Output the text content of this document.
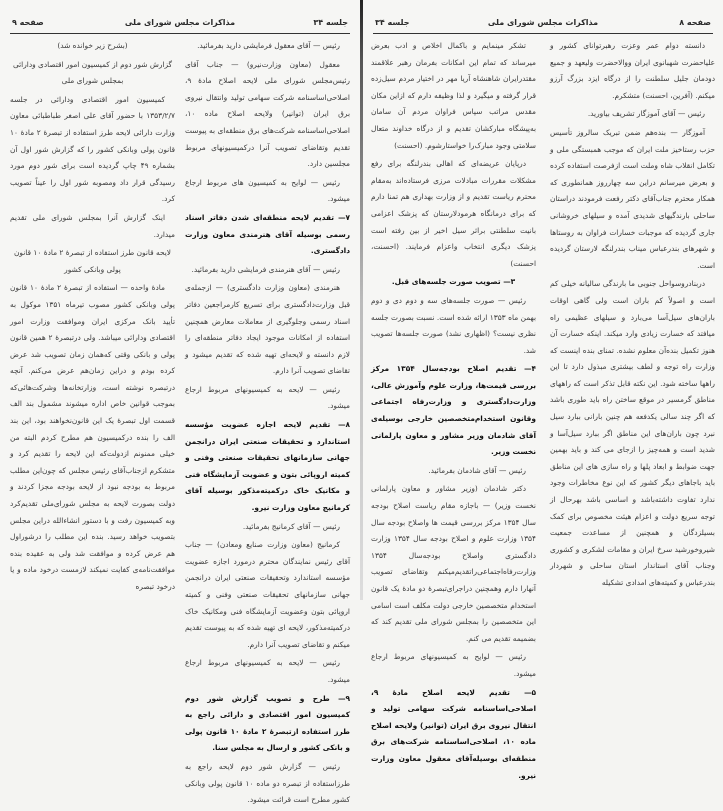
جلسه ۳۴
مذاکرات مجلس شورای ملی
صفحه ۹

رئیس — آقای معقول فرمایشی دارید بفرمائید.

معقول (معاون وزارت‌نیرو) — جناب آقای رئیس‌مجلس شورای ملی لایحه اصلاح مادهٔ ۹، اصلاحی‌اساسنامه شرکت سهامی تولید وانتقال نیروی برق ایران (توانیر) ولایحه اصلاح ماده ۱۰، اصلاحی‌اساسنامه شرکت‌های برق منطقه‌ای به پیوست تقدیم وتقاضای تصویب آنرا درکمیسیونهای مربوط مجلسین دارد.

رئیس — لوایح به کمیسیون های مربوط ارجاع میشود.

۷— تقدیم لایحه منطقه‌ای شدن دفاتر اسناد رسمی بوسیله آقای هنرمندی معاون وزارت دادگستری.

رئیس — آقای هنرمندی فرمایشی دارید بفرمائید.

هنرمندی (معاون وزارت دادگستری) — ازجمله‌ی قبل وزارت‌دادگستری برای تسریع کارمراجعین دفاتر اسناد رسمی وجلوگیری از معاملات معارض همچنین استفاده از امکانات موجود ایجاد دفاتر منطقه‌ای را لازم دانسته و لایحه‌ای تهیه شده که تقدیم میشود و تقاضای تصویب آنرا دارم.

رئیس — لایحه به کمیسیونهای مربوط ارجاع میشود.

۸— تقدیم لایحه اجازه عضویت مؤسسه استاندارد و تحقیقات صنعتی ایران درانجمن جهانی سازمانهای تحقیقات صنعتی وفنی و کمیته اروپائی بتون و عضویت آزمایشگاه فنی و مکانیک خاک درکمیته‌مذکور بوسیله آقای کرمانیج معاون وزارت نیرو.

رئیس — آقای کرمانیج بفرمائید.

کرمانیج (معاون وزارت صنایع ومعادن) — جناب آقای رئیس نمایندگان محترم درمورد اجازه عضویت مؤسسه استاندارد وتحقیقات صنعتی ایران درانجمن جهانی سازمانهای تحقیقات صنعتی وفنی و کمیته اروپائی بتون وعضویت آزمایشگاه فنی ومکانیک خاک درکمیته‌مذکور، لایحه ای تهیه شده که به پیوست تقدیم میکنم و تقاضای تصویب آنرا دارم.

رئیس — لایحه به کمیسیونهای مربوط ارجاع میشود.

۹— طرح و تصویب گزارش شور دوم کمیسیون امور اقتصادی و دارائی راجع به طرز استفاده ازتبصرهٔ ۲ مادهٔ ۱۰ قانون پولی و بانکی کشور و ارسال به مجلس سنا.

رئیس — گزارش شور دوم لایحه راجع به طرزاستفاده از تبصره دو ماده ۱۰ قانون پولی وبانکی کشور مطرح است قرائت میشود.

(بشرح زیر خوانده شد)

گزارش شور دوم از کمیسیون امور اقتصادی ودارائی بمجلس شورای ملی

کمیسیون امور اقتصادی ودارائی در جلسه ۱۳۵۳/۲/۷ با حضور آقای علی اصغر طباطبائی معاون وزارت دارائی لایحه طرز استفاده از تبصرهٔ ۲ مادهٔ ۱۰ قانون پولی وبانکی کشور را که گزارش شور اول آن بشماره ۴۹ چاپ گردیده است برای شور دوم مورد رسیدگی قرار داد ومصوبه شور اول را عیناً تصویب کرد.

اینک گزارش آنرا بمجلس شورای ملی تقدیم میدارد.

لایحه قانون طرز استفاده از تبصرهٔ ۲ مادهٔ ۱۰ قانون پولی وبانکی کشور

مادهٔ واحده — استفاده از تبصرهٔ ۲ مادهٔ ۱۰ قانون پولی وبانکی کشور مصوب تیرماه ۱۳۵۱ موکول به تأیید بانک مرکزی ایران وموافقت وزارت امور اقتصادی ودارائی میباشد. ولی درتبصرهٔ ۲ همین قانون پولی و بانکی وقتی که‌همان زمان تصویب شد عرض کرده بودم و دراین زمان‌هم عرض می‌کنم. آنچه درتبصره نوشته است، وزارتخانه‌ها وشرکت‌هائی‌که بموجب قوانین خاص اداره میشوند مشمول بند الف قسمت اول تبصرهٔ یک این قانون‌نخواهند بود، این بند الف را بنده درکمیسیون هم مطرح کردم البته من خیلی ممنونم ازدولت‌که این لایحه را تقدیم کرد و متشکرم ازجناب‌آقای رئیس مجلس که چون‌این مطلب مربوط به بودجه نبود از لایحه بودجه مجزا کردند و دولت بصورت لایحه به مجلس شورای‌ملی تقدیم‌کرد وبه کمیسیون رفت و با دستور انشاءالله دراین مجلس بتصویب خواهد رسید. بنده این مطلب را درشوراول هم عرض کرده و موافقت شد ولی به عقیده بنده موافقت‌نامه‌ی کفایت نمیکند لازمست درخود ماده و یا درخود تبصره

صفحه ۸
مذاکرات مجلس شورای ملی
جلسه ۳۴

دانسته دوام عمر وعزت رهبرتوانای کشور و علیاحضرت شهبانوی ایران ووالاحضرت ولیعهد و جمیع دودمان جلیل سلطنت را از درگاه ایزد بزرگ آرزو میکنم. (آفرین، احسنت) متشکرم.

رئیس — آقای آموزگار تشریف بیاورید.

آموزگار — بنده‌هم ضمن تبریک سالروز تأسیس حزب رستاخیز ملت ایران که موجب همبستگی ملی و تکامل انقلاب شاه وملت است ازفرصت استفاده کرده و بعرض میرسانم دراین سه چهارروز همانطوری که همکار محترم جناب‌آقای دکتر رفعت فرمودند دراستان ساحلی بارندگیهای شدیدی آمده و سیلهای خروشانی جاری گردیده که موجبات خسارات فراوان به روستاها و شهرهای بندرعباس میناب بندرلنگه لارستان گردیده است.

دربنادروسواحل جنوبی ما بارندگی سالیانه خیلی کم است و اصولاً کم باران است ولی گاهی اوقات باران‌های سیل‌آسا می‌بارد و سیلهای عظیمی راه میافتد که خسارت زیادی وارد میکند. اینکه خسارت آن هنوز تکمیل بنده‌آن معلوم نشده. تمنای بنده اینست که وزارت راه توجه و لطف بیشتری مبذول دارد تا این راهها ساخته شود. این نکته قابل تذکر است که راههای مناطق گرمسیر در موقع ساختن راه باید طوری باشد که اگر چند سالی یکدفعه هم چنین بارانی ببارد سیل نبرد چون باران‌های این مناطق اگر ببارد سیل‌آسا و شدید است و همه‌چیز را ازجای می کند و باید بهمین جهت ضوابط و ابعاد پلها و راه سازی های این مناطق باید باجاهای دیگر کشور که این نوع مخاطرات وجود ندارد تفاوت داشته‌باشد و اساسی باشد بهرحال از توجه سریع دولت و اعزام هیئت مخصوص برای کمک بسیلزدگان و همچنین از مساعدت جمعیت شیروخورشید سرخ ایران و مقامات لشکری و کشوری وجناب آقای استاندار استان ساحلی و شهردار بندرعباس و کمیته‌های امدادی تشکیله

تشکر مینمایم و باکمال اخلاص و ادب بعرض میرساند که تمام این امکانات بفرمان رهبر علاقمند مقتدرایران شاهنشاه آریا مهر در اختیار مردم سیل‌زده قرار گرفته و میگیرد و لذا وظیفه دارم که ازاین مکان مقدس مراتب سپاس فراوان مردم آن سامان به‌پیشگاه مبارکشان تقدیم و از درگاه خداوند متعال سلامتی وجود مبارک‌را خواستارشوم. (احسنت)

درپایان عریضه‌ای که اهالی بندرلنگه برای رفع مشکلات مقررات مبادلات مرزی فرستاده‌اند به‌مقام محترم ریاست تقدیم و از وزارت بهداری هم تمنا دارم که برای درمانگاه هرمودلارستان که پزشک اعزامی بانیت سلطنتی براثر سیل اخیر از بین رفته است پزشک دیگری انتخاب واعزام فرمایند. (احسنت، احسنت)

۳— تصویب صورت جلسه‌های قبل.

رئیس — صورت جلسه‌های سه و دوم دی و دوم بهمن ماه ۱۳۵۳ ارائه شده است. نسبت بصورت جلسه نظری نیست؟ (اظهاری نشد) صورت جلسه‌ها تصویب شد.

۴— تقدیم اصلاح بودجه‌سال ۱۳۵۴ مرکز بررسی قیمت‌ها، وزارت علوم وآموزش عالی، وزارت‌دادگستری و وزارت‌رفاه اجتماعی وقانون استخدام‌متخصصین خارجی بوسیله‌ی آقای شادمان وزیر مشاور و معاون پارلمانی نخست وزیر.

رئیس — آقای شادمان بفرمائید.

دکتر شادمان (وزیر مشاور و معاون پارلمانی نخست وزیر) — باجازه مقام ریاست اصلاح بودجه سال ۱۳۵۴ مرکز بررسی قیمت ها واصلاح بودجه سال ۱۳۵۴ وزارت علوم و اصلاح بودجه سال ۱۳۵۴ وزارت دادگستری واصلاح بودجه‌سال ۱۳۵۴ وزارت‌رفاه‌اجتماعی‌راتقدیم‌میکنم وتقاضای تصویب آنهارا دارم وهمچنین دراجرای‌تبصرهٔ دو مادهٔ یک قانون استخدام متخصصین خارجی دولت مکلف است اسامی این متخصصین را بمجلس شورای ملی تقدیم کند که بضمیمه تقدیم می کنم.

رئیس — لوایح به کمیسیونهای مربوط ارجاع میشود.

۵— تقدیم لایحه اصلاح مادهٔ ۹، اصلاحی‌اساسنامه شرکت سهامی تولید و انتقال نیروی برق ایران (توانیر) ولایحه اصلاح ماده ۱۰، اصلاحی‌اساسنامه شرکت‌های برق منطقه‌ای بوسیله‌آقای معقول معاون وزارت نیرو.
